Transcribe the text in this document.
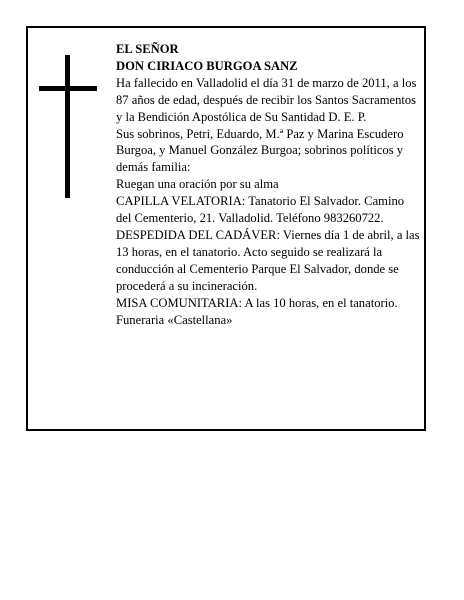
EL SEÑOR

DON CIRIACO BURGOA SANZ

Ha fallecido en Valladolid el día 31 de marzo de 2011, a los 87 años de edad, después de recibir los Santos Sacramentos y la Bendición Apostólica de Su Santidad D. E. P.

Sus sobrinos, Petri, Eduardo, M.ª Paz y Marina Escudero Burgoa, y Manuel González Burgoa; sobrinos políticos y demás familia:

Ruegan una oración por su alma

CAPILLA VELATORIA: Tanatorio El Salvador. Camino del Cementerio, 21. Valladolid. Teléfono 983260722.

DESPEDIDA DEL CADÁVER: Viernes día 1 de abril, a las 13 horas, en el tanatorio. Acto seguido se realizará la conducción al Cementerio Parque El Salvador, donde se procederá a su incineración.

MISA COMUNITARIA: A las 10 horas, en el tanatorio.

Funeraria «Castellana»
